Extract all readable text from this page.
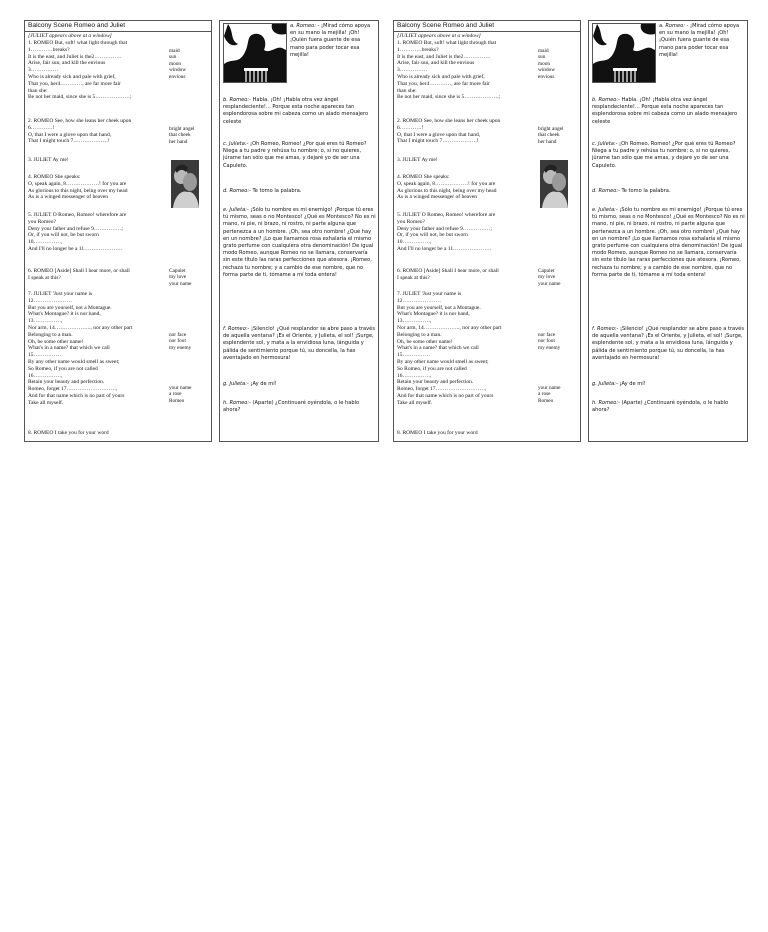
Balcony Scene Romeo and Juliet
[JULIET appears above at a window]
1. ROMEO But, soft! what light through that
1…………breaks?
It is the east, and Juliet is the2……………
Arise, fair sun, and kill the envious
3……………
Who is already sick and pale with grief,
That you, her4…………, are far more fair
than she:
Be not her maid, since she is 5……………….;
2. ROMEO See, how she leans her cheek upon
6…………!
O, that I were a glove upon that hand,
That I might touch 7……………….!
3. JULIET Ay me!
4. ROMEO She speaks:
O, speak again, 8………………! for you are
As glorious to this night, being over my head
As is a winged messenger of heaven
5. JULIET O Romeo, Romeo! wherefore are
you Romeo?
Deny your father and refuse 9……………;
Or, if you will not, be but sworn
10……………,
And I'll no longer be a 11…………………
6. ROMEO [Aside] Shall I hear more, or shall
I speak at this?
7. JULIET 'Just your name is
12…………………
But you are yourself, not a Montague.
What's Montague? it is nor hand,
13……………,
Nor arm, 14……………….., nor any other part
Belonging to a man.
Oh, be some other name!
What's in a name? that which we call
15……………
By any other name would smell as sweet;
So Romeo, if you are not called
16……………,
Retain your beauty and perfection.
Romeo, forget 17………………………,
And for that name which is no part of yours
Take all myself.
8. ROMEO I take you for your word
maid
sun
moon
window
envious
bright angel
that cheek
her hand
Capulet
my love
your name
nor face
nor foot
my enemy
your name
a rose
Romeo
a. Romeo: - ¡Mirad cómo apoya en su mano la mejilla! ¡Oh! ¡Quién fuera guante de esa mano para poder tocar esa mejilla!
b. Romeo:- Habla. ¡Oh! ¡Habla otra vez ángel resplandeciente!... Porque esta noche apareces tan esplendorosa sobre mi cabeza como un alado mensajero celeste
c. Julieta:- ¡Oh Romeo, Romeo! ¿Por qué eres tú Romeo? Niega a tu padre y rehúsa tu nombre; o, si no quieres, júrame tan sólo que me amas, y dejaré yo de ser una Capuleto.
d. Romeo:- Te tomo la palabra.
e. Julieta:- ¡Sólo tu nombre es mi enemigo! ¡Porque tú eres tú mismo, seas o no Montesco! ¿Qué es Montesco? No es ni mano, ni pie, ni brazo, ni rostro, ni parte alguna que pertenezca a un hombre. ¡Oh, sea otro nombre! ¿Qué hay en un nombre? ¡Lo que llamamos rosa exhalaría el mismo grato perfume con cualquiera otra denominación! De igual modo Romeo, aunque Romeo no se llamara, conservaría sin este título las raras perfecciones que atesora. ¡Romeo, rechaza tu nombre; y a cambio de ese nombre, que no forma parte de ti, tómame a mí toda entera!
f. Romeo:- ¡Silencio! ¿Qué resplandor se abre paso a través de aquella ventana? ¡Es el Oriente, y Julieta, el sol! ¡Surge, esplendente sol, y mata a la envidiosa luna, lánguida y pálida de sentimiento porque tú, su doncella, la has aventajado en hermosura!
g. Julieta:- ¡Ay de mí!
h. Romeo:- (Aparte) ¿Continuaré oyéndola, o le hablo ahora?
Balcony Scene Romeo and Juliet
[JULIET appears above at a window]
1. ROMEO But, soft! what light through that
1…………breaks?
It is the east, and Juliet is the2……………
Arise, fair sun, and kill the envious
3……………
Who is already sick and pale with grief,
That you, her4…………, are far more fair
than she:
Be not her maid, since she is 5……………….;
2. ROMEO See, how she leans her cheek upon
6…………!
O, that I were a glove upon that hand,
That I might touch 7……………….!
3. JULIET Ay me!
4. ROMEO She speaks:
O, speak again, 8………………! for you are
As glorious to this night, being over my head
As is a winged messenger of heaven
5. JULIET O Romeo, Romeo! wherefore are
you Romeo?
Deny your father and refuse 9……………;
Or, if you will not, be but sworn
10……………,
And I'll no longer be a 11…………………
6. ROMEO [Aside] Shall I hear more, or shall
I speak at this?
7. JULIET 'Just your name is
12…………………
But you are yourself, not a Montague.
What's Montague? it is nor hand,
13……………,
Nor arm, 14……………….., nor any other part
Belonging to a man.
Oh, be some other name!
What's in a name? that which we call
15……………
By any other name would smell as sweet;
So Romeo, if you are not called
16……………,
Retain your beauty and perfection.
Romeo, forget 17………………………,
And for that name which is no part of yours
Take all myself.
8. ROMEO I take you for your word
maid
sun
moon
window
envious
bright angel
that cheek
her hand
Capulet
my love
your name
nor face
nor foot
my enemy
your name
a rose
Romeo
a. Romeo: - ¡Mirad cómo apoya en su mano la mejilla! ¡Oh! ¡Quién fuera guante de esa mano para poder tocar esa mejilla!
b. Romeo:- Habla. ¡Oh! ¡Habla otra vez ángel resplandeciente!... Porque esta noche apareces tan esplendorosa sobre mi cabeza como un alado mensajero celeste
c. Julieta:- ¡Oh Romeo, Romeo! ¿Por qué eres tú Romeo? Niega a tu padre y rehúsa tu nombre; o, si no quieres, júrame tan sólo que me amas, y dejaré yo de ser una Capuleto.
d. Romeo:- Te tomo la palabra.
e. Julieta:- ¡Sólo tu nombre es mi enemigo! ¡Porque tú eres tú mismo, seas o no Montesco! ¿Qué es Montesco? No es ni mano, ni pie, ni brazo, ni rostro, ni parte alguna que pertenezca a un hombre. ¡Oh, sea otro nombre! ¿Qué hay en un nombre? ¡Lo que llamamos rosa exhalaría el mismo grato perfume con cualquiera otra denominación! De igual modo Romeo, aunque Romeo no se llamara, conservaría sin este título las raras perfecciones que atesora. ¡Romeo, rechaza tu nombre; y a cambio de ese nombre, que no forma parte de ti, tómame a mí toda entera!
f. Romeo:- ¡Silencio! ¿Qué resplandor se abre paso a través de aquella ventana? ¡Es el Oriente, y Julieta, el sol! ¡Surge, esplendente sol, y mata a la envidiosa luna, lánguida y pálida de sentimiento porque tú, su doncella, la has aventajado en hermosura!
g. Julieta:- ¡Ay de mí!
h. Romeo:- (Aparte) ¿Continuaré oyéndola, o le hablo ahora?
